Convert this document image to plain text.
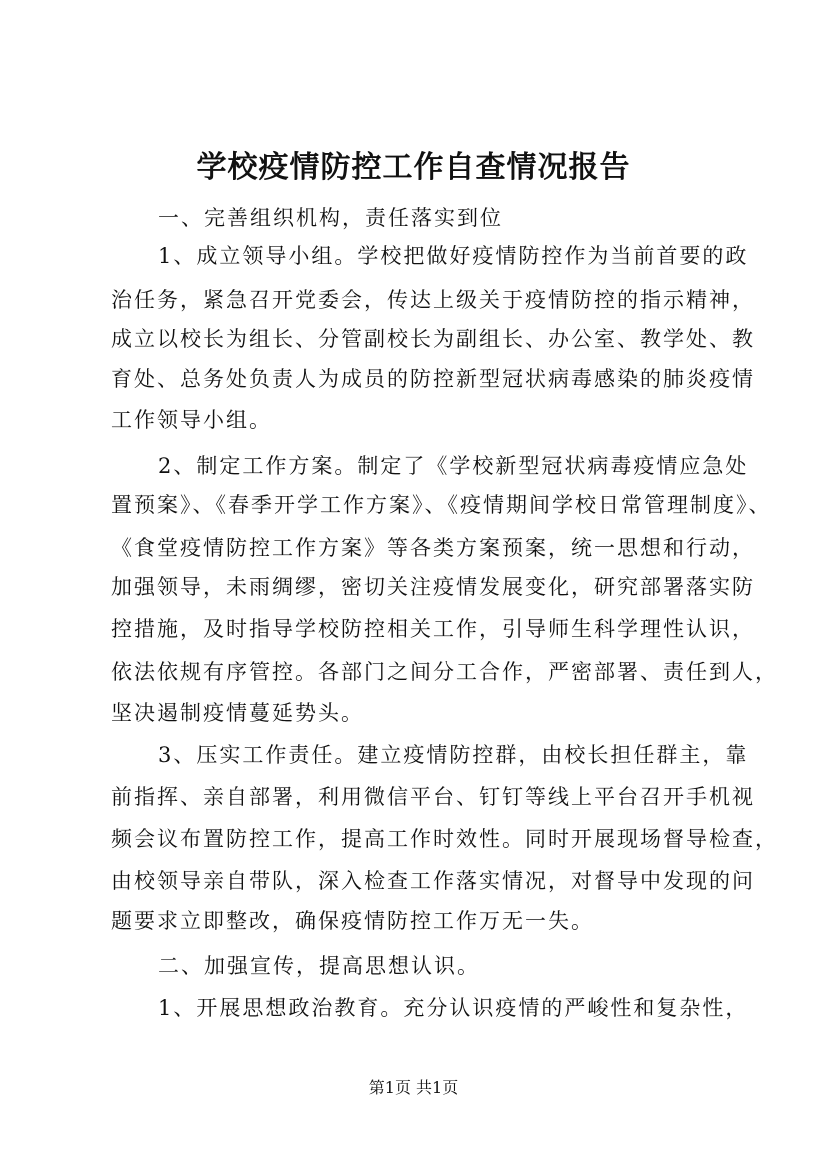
学校疫情防控工作自查情况报告
一、完善组织机构，责任落实到位
1、成立领导小组。学校把做好疫情防控作为当前首要的政
治任务，紧急召开党委会，传达上级关于疫情防控的指示精神，
成立以校长为组长、分管副校长为副组长、办公室、教学处、教
育处、总务处负责人为成员的防控新型冠状病毒感染的肺炎疫情
工作领导小组。
2、制定工作方案。制定了《学校新型冠状病毒疫情应急处
置预案》、《春季开学工作方案》、《疫情期间学校日常管理制度》、
《食堂疫情防控工作方案》等各类方案预案，统一思想和行动，
加强领导，未雨绸缪，密切关注疫情发展变化，研究部署落实防
控措施，及时指导学校防控相关工作，引导师生科学理性认识，
依法依规有序管控。各部门之间分工合作，严密部署、责任到人，
坚决遏制疫情蔓延势头。
3、压实工作责任。建立疫情防控群，由校长担任群主，靠
前指挥、亲自部署，利用微信平台、钉钉等线上平台召开手机视
频会议布置防控工作，提高工作时效性。同时开展现场督导检查，
由校领导亲自带队，深入检查工作落实情况，对督导中发现的问
题要求立即整改，确保疫情防控工作万无一失。
二、加强宣传，提高思想认识。
1、开展思想政治教育。充分认识疫情的严峻性和复杂性，
第1页 共1页
